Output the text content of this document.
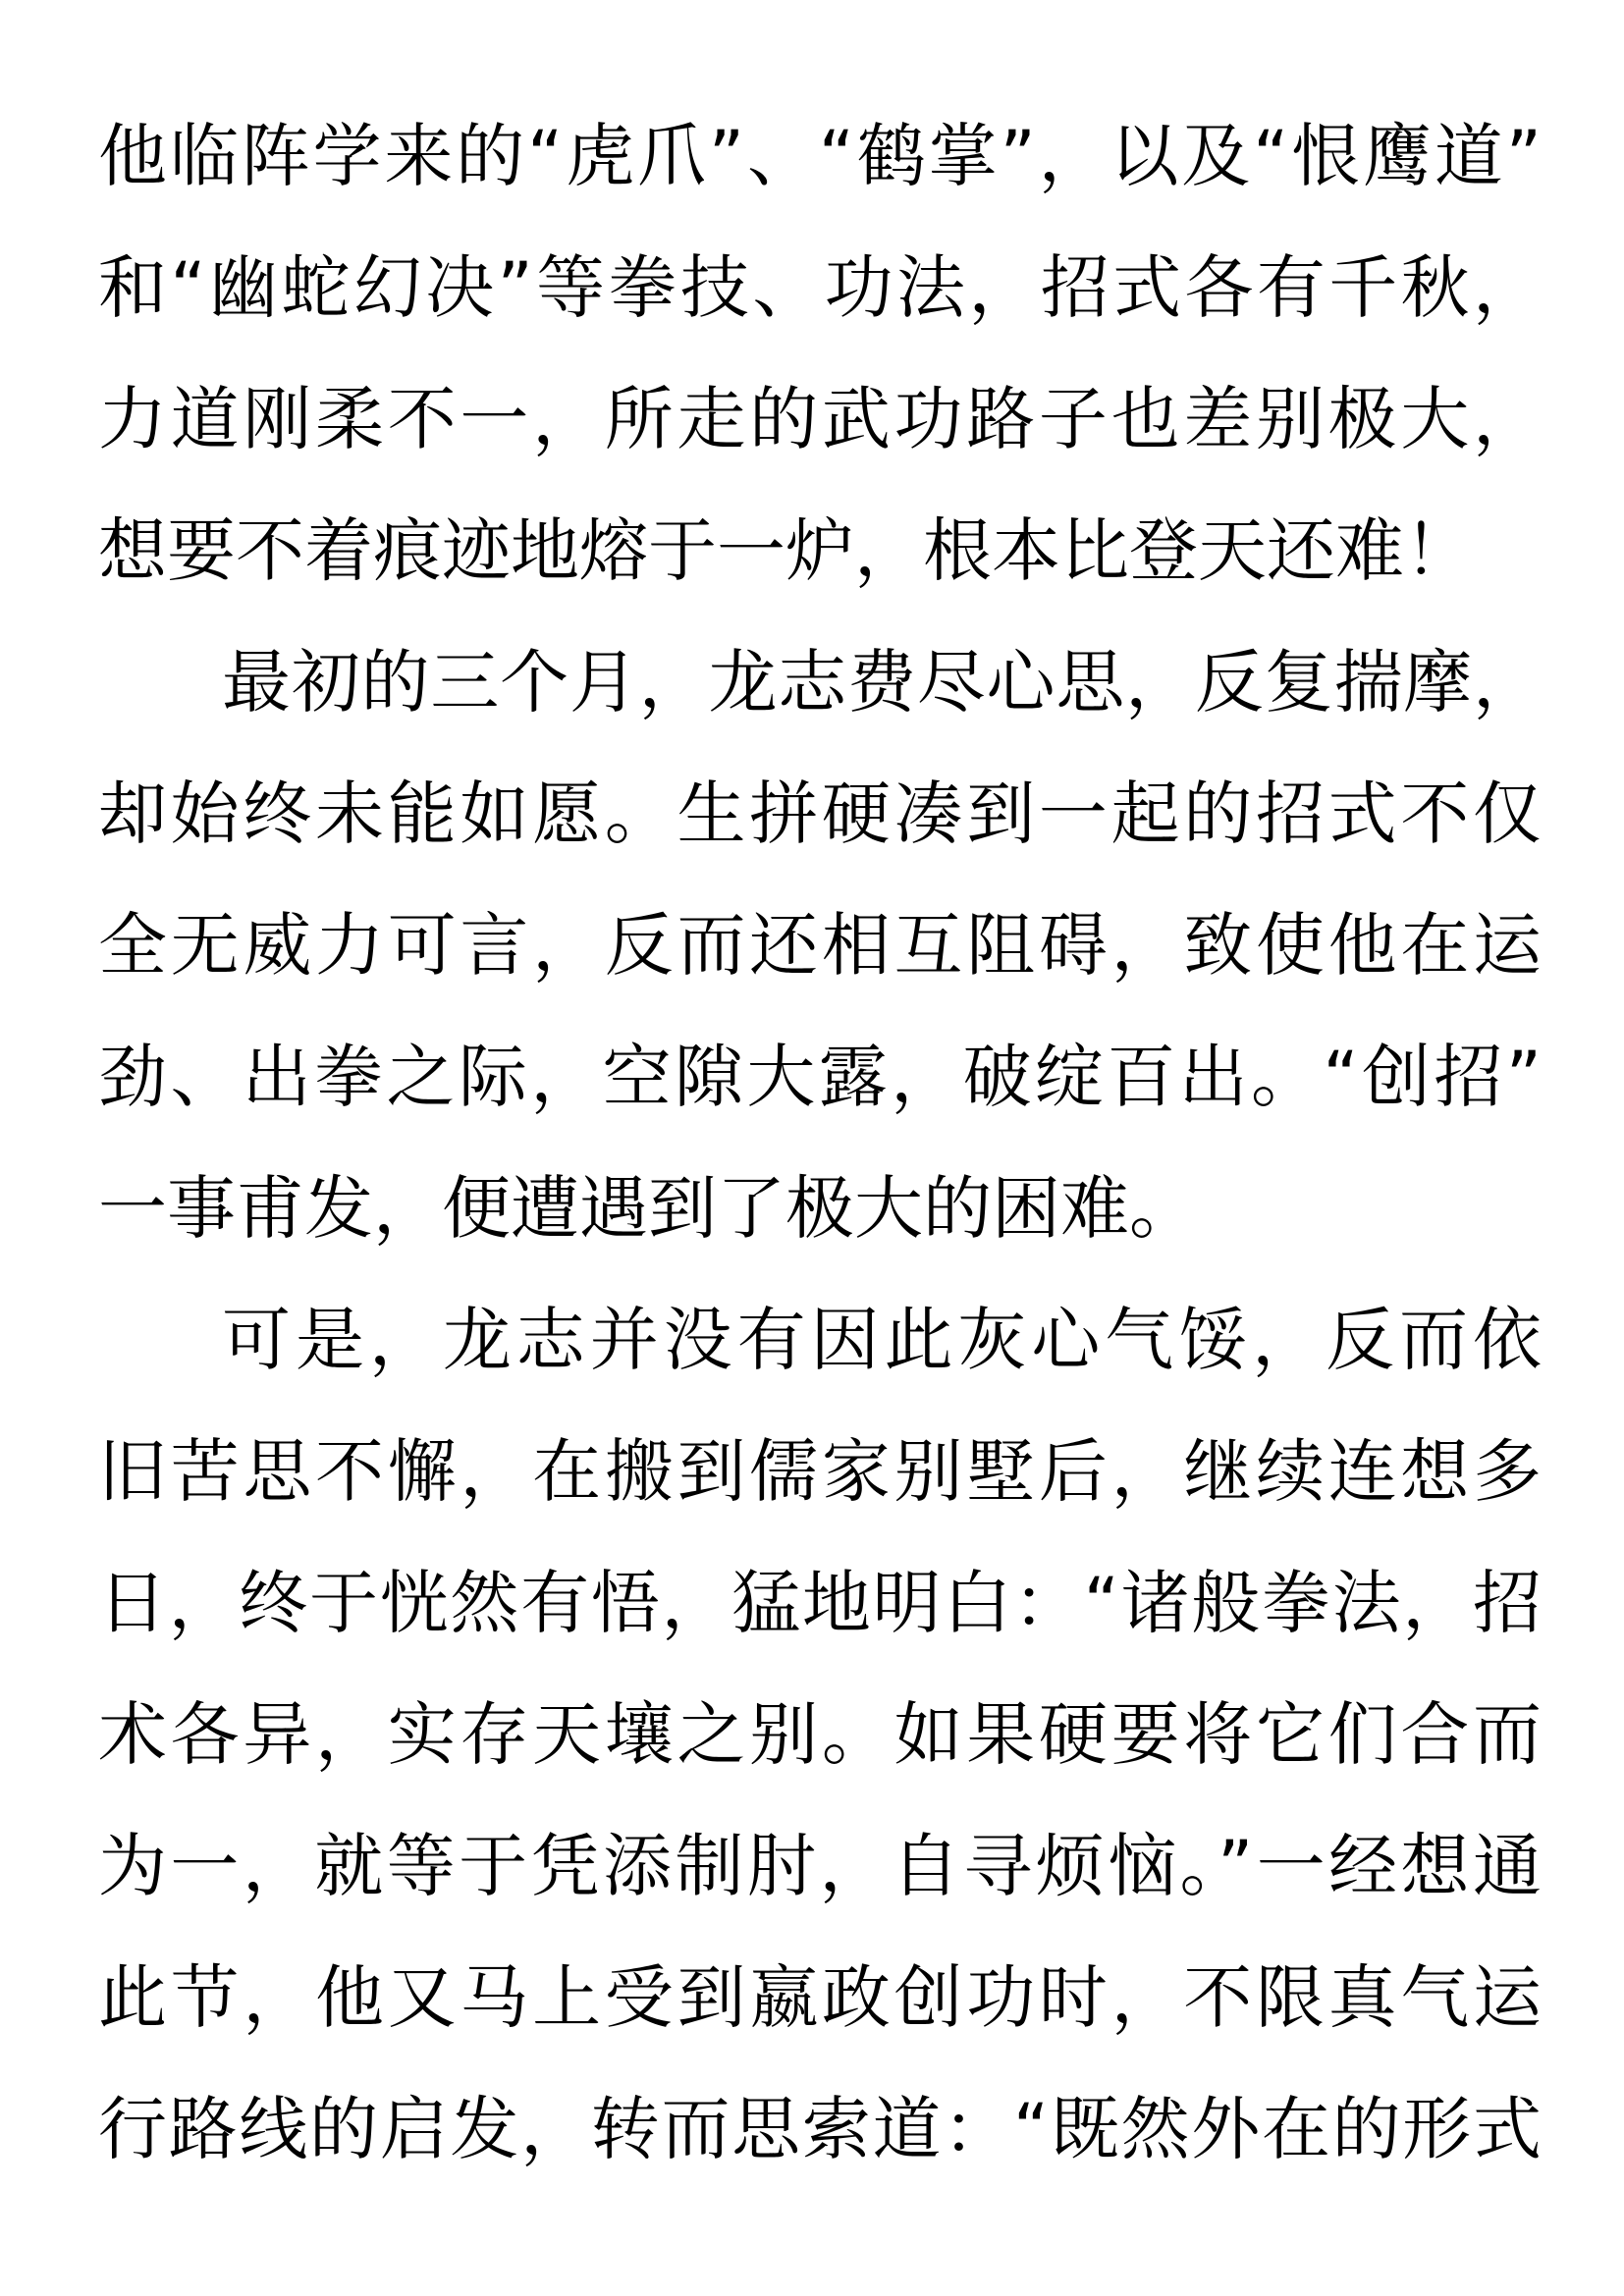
他临阵学来的“虎爪”、“鹤掌”，以及“恨鹰道”
和“幽蛇幻决”等拳技、功法，招式各有千秋，
力道刚柔不一，所走的武功路子也差别极大，
想要不着痕迹地熔于一炉，根本比登天还难！
最初的三个月，龙志费尽心思，反复揣摩，
却始终未能如愿。生拼硬凑到一起的招式不仅
全无威力可言，反而还相互阻碍，致使他在运
劲、出拳之际，空隙大露，破绽百出。“创招”
一事甫发，便遭遇到了极大的困难。
可是，龙志并没有因此灰心气馁，反而依
旧苦思不懈，在搬到儒家别墅后，继续连想多
日，终于恍然有悟，猛地明白：“诸般拳法，招
术各异，实存天壤之别。如果硬要将它们合而
为一，就等于凭添制肘，自寻烦恼。”一经想通
此节，他又马上受到嬴政创功时，不限真气运
行路线的启发，转而思索道：“既然外在的形式
